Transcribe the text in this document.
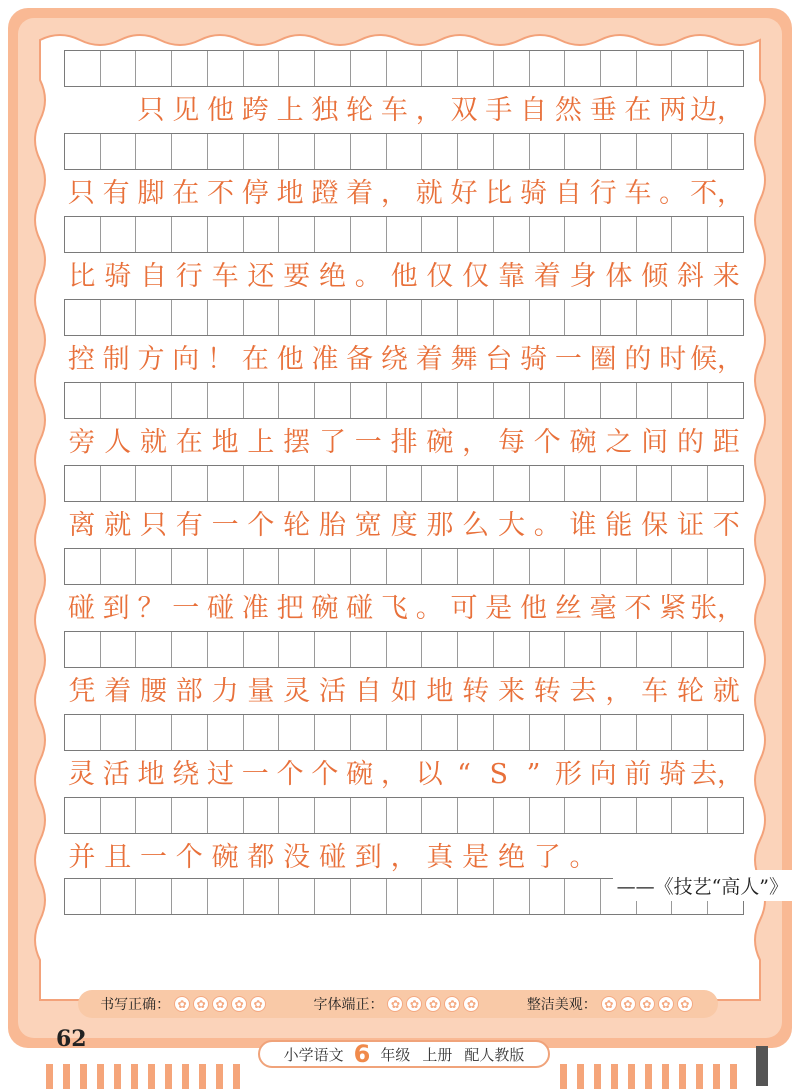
只 见 他 跨 上 独 轮 车 ， 双 手 自 然 垂 在 两 边，
只 有 脚 在 不 停 地 蹬 着 ， 就 好 比 骑 自 行 车 。 不，
比 骑 自 行 车 还 要 绝 。 他 仅 仅 靠 着 身 体 倾 斜 来
控 制 方 向 ！ 在 他 准 备 绕 着 舞 台 骑 一 圈 的 时 候，
旁 人 就 在 地 上 摆 了 一 排 碗 ， 每 个 碗 之 间 的 距
离 就 只 有 一 个 轮 胎 宽 度 那 么 大 。 谁 能 保 证 不
碰 到 ？ 一 碰 准 把 碗 碰 飞 。 可 是 他 丝 毫 不 紧 张，
凭 着 腰 部 力 量 灵 活 自 如 地 转 来 转 去 ， 车 轮 就
灵 活 地 绕 过 一 个 个 碗 ， 以 “ S ” 形 向 前 骑 去，
并 且 一 个 碗 都 没 碰 到 ， 真 是 绝 了 。
——《技艺“高人”》
书写正确： ✿ ✿ ✿ ✿ ✿	字体端正： ✿ ✿ ✿ ✿ ✿	整洁美观： ✿ ✿ ✿ ✿ ✿
62
小学语文 6 年级 上册 配人教版
